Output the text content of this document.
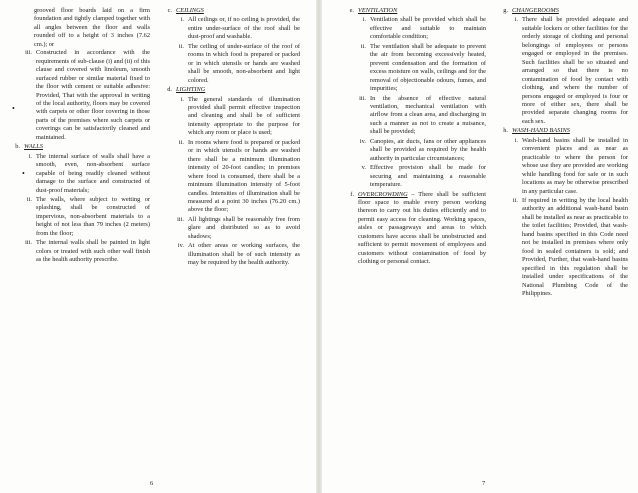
grooved floor boards laid on a firm foundation and tightly clamped together with all angles between the floor and walls rounded off to a height of 3 inches (7.62 cm.); or

iii. Constructed in accordance with the requirements of sub-clause (i) and (ii) of this clause and covered with linoleum, smooth surfaced rubber or similar material fixed to the floor with cement or suitable adhesive: Provided, That with the approval in writing of the local authority, floors may be covered with carpets or other floor covering in those parts of the premises where such carpets or coverings can be satisfactorily cleaned and maintained.
b. WALLS
i. The internal surface of walls shall have a smooth, even, non-absorbent surface capable of being readily cleaned without damage to the surface and constructed of dust-proof materials;
ii. The walls, where subject to wetting or splashing, shall be constructed of impervious, non-absorbent materials to a height of not less than 79 inches (2 meters) from the floor;
iii. The internal walls shall be painted in light colors or treated with such other wall finish as the health authority prescribe.
c. CEILINGS
i. All ceilings or, if no ceiling is provided, the entire under-surface of the roof shall be dust-proof and washable.
ii. The ceiling of under-surface of the roof of rooms in which food is prepared or packed or in which utensils or hands are washed shall be smooth, non-absorbent and light colored.
d. LIGHTING
i. The general standards of illumination provided shall permit effective inspection and cleaning and shall be of sufficient intensity appropriate to the purpose for which any room or place is used;
ii. In rooms where food is prepared or packed or in which utensils or hands are washed there shall be a minimum illumination intensity of 20-foot candles; in premises where food is consumed, there shall be a minimum illumination intensity of 5-foot candles. Intensities of illumination shall be measured at a point 30 inches (76.20 cm.) above the floor;
iii. All lightings shall be reasonably free from glare and distributed so as to avoid shadows;
iv. At other areas or working surfaces, the illumination shall be of such intensity as may be required by the health authority.
•
•
6
e. VENTILATION
i. Ventilation shall be provided which shall be effective and suitable to maintain comfortable condition;
ii. The ventilation shall be adequate to prevent the air from becoming excessively heated, prevent condensation and the formation of excess moisture on walls, ceilings and for the removal of objectionable odours, fumes, and impurities;
iii. In the absence of effective natural ventilation, mechanical ventilation with airflow from a clean area, and discharging in such a manner as not to create a nuisance, shall be provided;
iv. Canopies, air ducts, fans or other appliances shall be provided as required by the health authority in particular circumstances;
v. Effective provision shall be made for securing and maintaining a reasonable temperature.
f. OVERCROWDING – There shall be sufficient floor space to enable every person working thereon to carry out his duties efficiently and to permit easy access for cleaning. Working spaces, aisles or passageways and areas to which customers have access shall be unobstructed and sufficient to permit movement of employees and customers without contamination of food by clothing or personal contact.
g. CHANGEROOMS
i. There shall be provided adequate and suitable lockers or other facilities for the orderly storage of clothing and personal belongings of employees or persons engaged or employed in the premises. Such facilities shall be so situated and arranged so that there is no contamination of food by contact with clothing, and where the number of persons engaged or employed is four or more of either sex, there shall be provided separate changing rooms for each sex.
h. WASH-HAND BASINS
i. Wash-hand basins shall be installed in convenient places and as near as practicable to where the person for whose use they are provided are working while handling food for safe or in such locations as may be otherwise prescribed in any particular case.
ii. If required in writing by the local health authority an additional wash-hand basin shall be installed as near as practicable to the toilet facilities; Provided, that wash-hand basins specified in this Code need not be installed in premises where only food in sealed containers is sold; and Provided, Further, that wash-hand basins specified in this regulation shall be installed under specifications of the National Plumbing Code of the Philippines.
7
